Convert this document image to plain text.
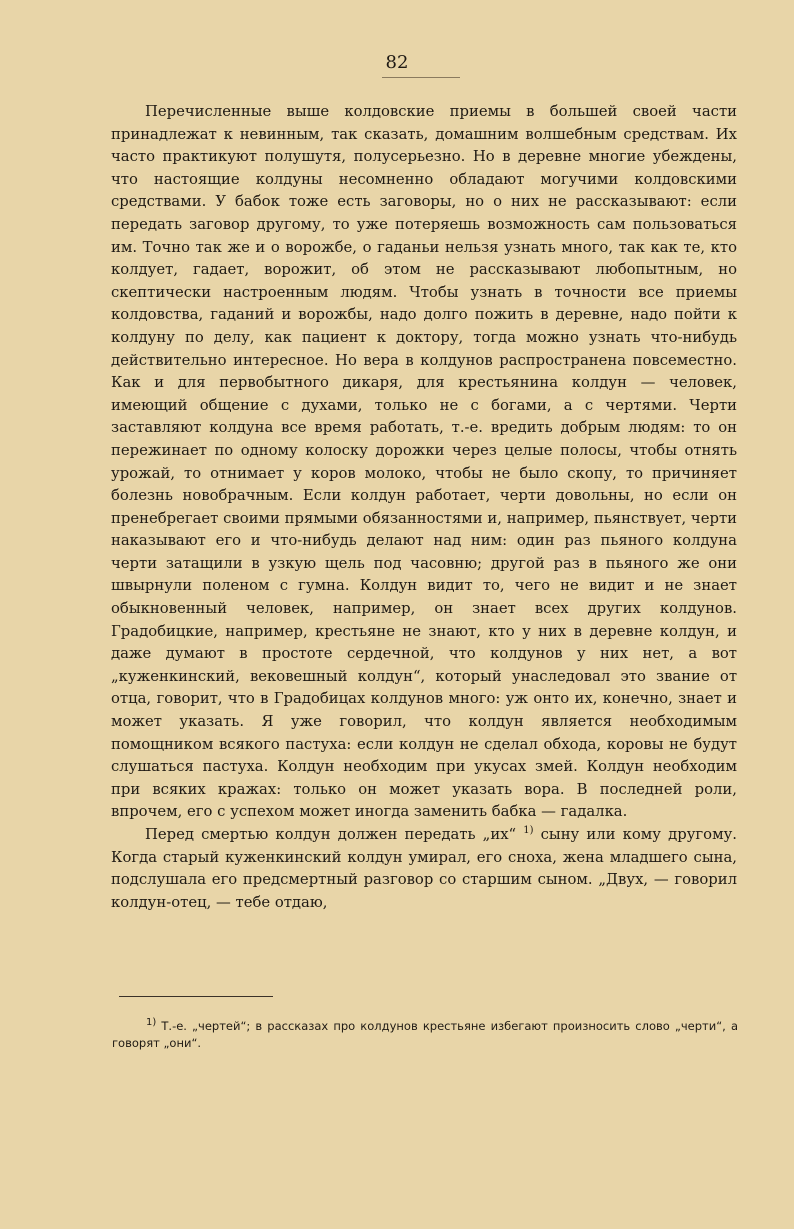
82

Перечисленные выше колдовские приемы в большей своей части принадлежат к невинным, так сказать, домашним волшебным средствам. Их часто практикуют полушутя, полусерьезно. Но в деревне многие убеждены, что настоящие колдуны несомненно обладают могучими колдовскими средствами. У бабок тоже есть заговоры, но о них не рассказывают: если передать заговор другому, то уже потеряешь возможность сам пользоваться им. Точно так же и о ворожбе, о гаданьи нельзя узнать много, так как те, кто колдует, гадает, ворожит, об этом не рассказывают любопытным, но скептически настроенным людям. Чтобы узнать в точности все приемы колдовства, гаданий и ворожбы, надо долго пожить в деревне, надо пойти к колдуну по делу, как пациент к доктору, тогда можно узнать что-нибудь действительно интересное. Но вера в колдунов распространена повсеместно. Как и для первобытного дикаря, для крестьянина колдун — человек, имеющий общение с духами, только не с богами, а с чертями. Черти заставляют колдуна все время работать, т.-е. вредить добрым людям: то он пережинает по одному колоску дорожки через целые полосы, чтобы отнять урожай, то отнимает у коров молоко, чтобы не было скопу, то причиняет болезнь новобрачным. Если колдун работает, черти довольны, но если он пренебрегает своими прямыми обязанностями и, например, пьянствует, черти наказывают его и что-нибудь делают над ним: один раз пьяного колдуна черти затащили в узкую щель под часовню; другой раз в пьяного же они швырнули поленом с гумна. Колдун видит то, чего не видит и не знает обыкновенный человек, например, он знает всех других колдунов. Градобицкие, например, крестьяне не знают, кто у них в деревне колдун, и даже думают в простоте сердечной, что колдунов у них нет, а вот „куженкинский, вековешный колдун“, который унаследовал это звание от отца, говорит, что в Градобицах колдунов много: уж онто их, конечно, знает и может указать. Я уже говорил, что колдун является необходимым помощником всякого пастуха: если колдун не сделал обхода, коровы не будут слушаться пастуха. Колдун необходим при укусах змей. Колдун необходим при всяких кражах: только он может указать вора. В последней роли, впрочем, его с успехом может иногда заменить бабка — гадалка.

Перед смертью колдун должен передать „их“ $^{1)}$ сыну или кому другому. Когда старый куженкинский колдун умирал, его сноха, жена младшего сына, подслушала его предсмертный разговор со старшим сыном. „Двух, — говорил колдун-отец, — тебе отдаю,

$^{1)}$ Т.-е. „чертей“; в рассказах про колдунов крестьяне избегают произносить слово „черти“, а говорят „они“.
